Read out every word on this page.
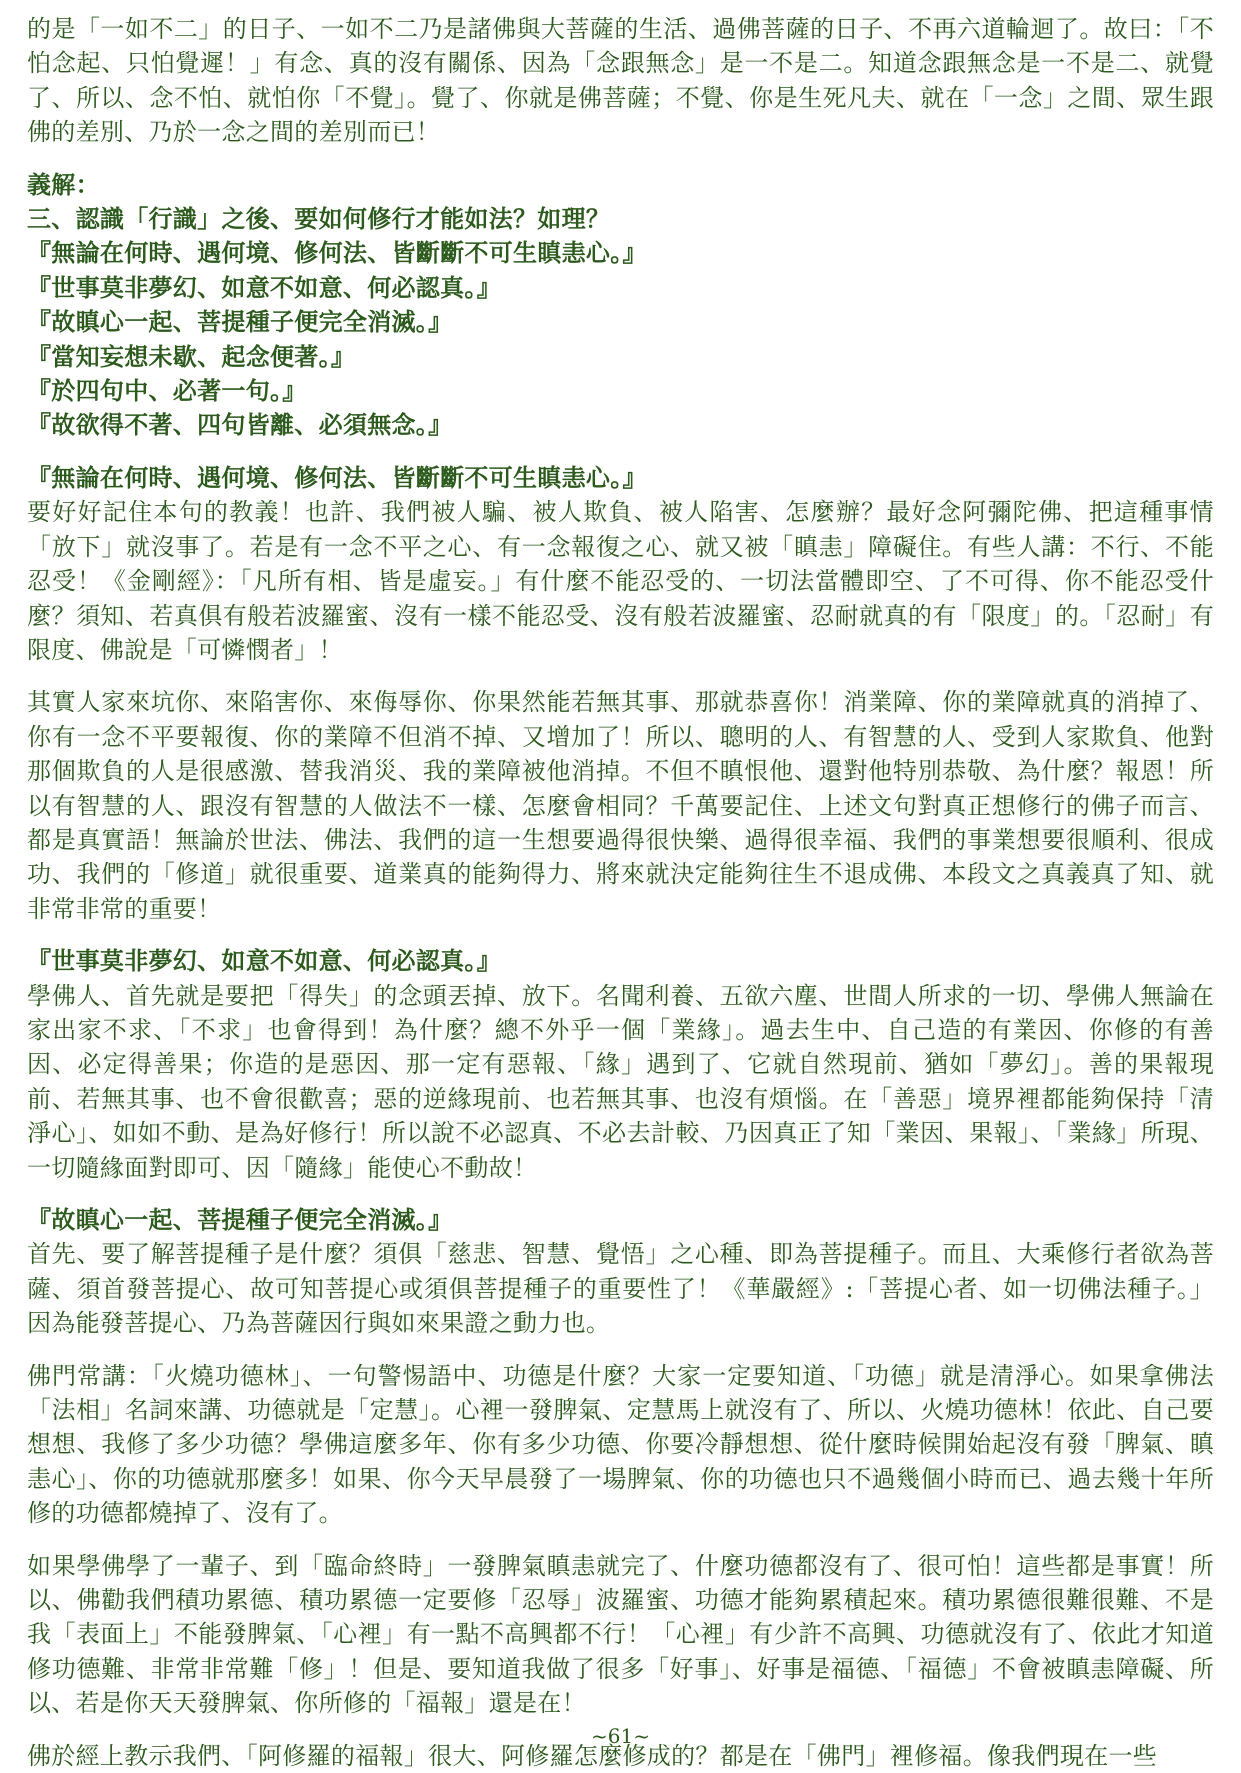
的是「一如不二」的日子、一如不二乃是諸佛與大菩薩的生活、過佛菩薩的日子、不再六道輪迴了。故曰：「不怕念起、只怕覺遲！」有念、真的沒有關係、因為「念跟無念」是一不是二。知道念跟無念是一不是二、就覺了、所以、念不怕、就怕你「不覺」。覺了、你就是佛菩薩；不覺、你是生死凡夫、就在「一念」之間、眾生跟佛的差別、乃於一念之間的差別而已！

義解：
三、認識「行識」之後、要如何修行才能如法？如理？
『無論在何時、遇何境、修何法、皆斷斷不可生瞋恚心。』
『世事莫非夢幻、如意不如意、何必認真。』
『故瞋心一起、菩提種子便完全消滅。』
『當知妄想未歇、起念便著。』
『於四句中、必著一句。』
『故欲得不著、四句皆離、必須無念。』

『無論在何時、遇何境、修何法、皆斷斷不可生瞋恚心。』

要好好記住本句的教義！也許、我們被人騙、被人欺負、被人陷害、怎麼辦？最好念阿彌陀佛、把這種事情「放下」就沒事了。若是有一念不平之心、有一念報復之心、就又被「瞋恚」障礙住。有些人講：不行、不能忍受！《金剛經》：「凡所有相、皆是虛妄。」有什麼不能忍受的、一切法當體即空、了不可得、你不能忍受什麼？須知、若真俱有般若波羅蜜、沒有一樣不能忍受、沒有般若波羅蜜、忍耐就真的有「限度」的。「忍耐」有限度、佛說是「可憐憫者」！

其實人家來坑你、來陷害你、來侮辱你、你果然能若無其事、那就恭喜你！消業障、你的業障就真的消掉了、你有一念不平要報復、你的業障不但消不掉、又增加了！所以、聰明的人、有智慧的人、受到人家欺負、他對那個欺負的人是很感激、替我消災、我的業障被他消掉。不但不瞋恨他、還對他特別恭敬、為什麼？報恩！所以有智慧的人、跟沒有智慧的人做法不一樣、怎麼會相同？千萬要記住、上述文句對真正想修行的佛子而言、都是真實語！無論於世法、佛法、我們的這一生想要過得很快樂、過得很幸福、我們的事業想要很順利、很成功、我們的「修道」就很重要、道業真的能夠得力、將來就決定能夠往生不退成佛、本段文之真義真了知、就非常非常的重要！

『世事莫非夢幻、如意不如意、何必認真。』

學佛人、首先就是要把「得失」的念頭丟掉、放下。名聞利養、五欲六塵、世間人所求的一切、學佛人無論在家出家不求、「不求」也會得到！為什麼？總不外乎一個「業緣」。過去生中、自己造的有業因、你修的有善因、必定得善果；你造的是惡因、那一定有惡報、「緣」遇到了、它就自然現前、猶如「夢幻」。善的果報現前、若無其事、也不會很歡喜；惡的逆緣現前、也若無其事、也沒有煩惱。在「善惡」境界裡都能夠保持「清淨心」、如如不動、是為好修行！所以說不必認真、不必去計較、乃因真正了知「業因、果報」、「業緣」所現、一切隨緣面對即可、因「隨緣」能使心不動故！

『故瞋心一起、菩提種子便完全消滅。』

首先、要了解菩提種子是什麼？須俱「慈悲、智慧、覺悟」之心種、即為菩提種子。而且、大乘修行者欲為菩薩、須首發菩提心、故可知菩提心或須俱菩提種子的重要性了！《華嚴經》:「菩提心者、如一切佛法種子。」因為能發菩提心、乃為菩薩因行與如來果證之動力也。

佛門常講：「火燒功德林」、一句警惕語中、功德是什麼？大家一定要知道、「功德」就是清淨心。如果拿佛法「法相」名詞來講、功德就是「定慧」。心裡一發脾氣、定慧馬上就沒有了、所以、火燒功德林！依此、自己要想想、我修了多少功德？學佛這麼多年、你有多少功德、你要冷靜想想、從什麼時候開始起沒有發「脾氣、瞋恚心」、你的功德就那麼多！如果、你今天早晨發了一場脾氣、你的功德也只不過幾個小時而已、過去幾十年所修的功德都燒掉了、沒有了。

如果學佛學了一輩子、到「臨命終時」一發脾氣瞋恚就完了、什麼功德都沒有了、很可怕！這些都是事實！所以、佛勸我們積功累德、積功累德一定要修「忍辱」波羅蜜、功德才能夠累積起來。積功累德很難很難、不是我「表面上」不能發脾氣、「心裡」有一點不高興都不行！「心裡」有少許不高興、功德就沒有了、依此才知道修功德難、非常非常難「修」！但是、要知道我做了很多「好事」、好事是福德、「福德」不會被瞋恚障礙、所以、若是你天天發脾氣、你所修的「福報」還是在！

佛於經上教示我們、「阿修羅的福報」很大、阿修羅怎麼修成的？都是在「佛門」裡修福。像我們現在一些

~61~
